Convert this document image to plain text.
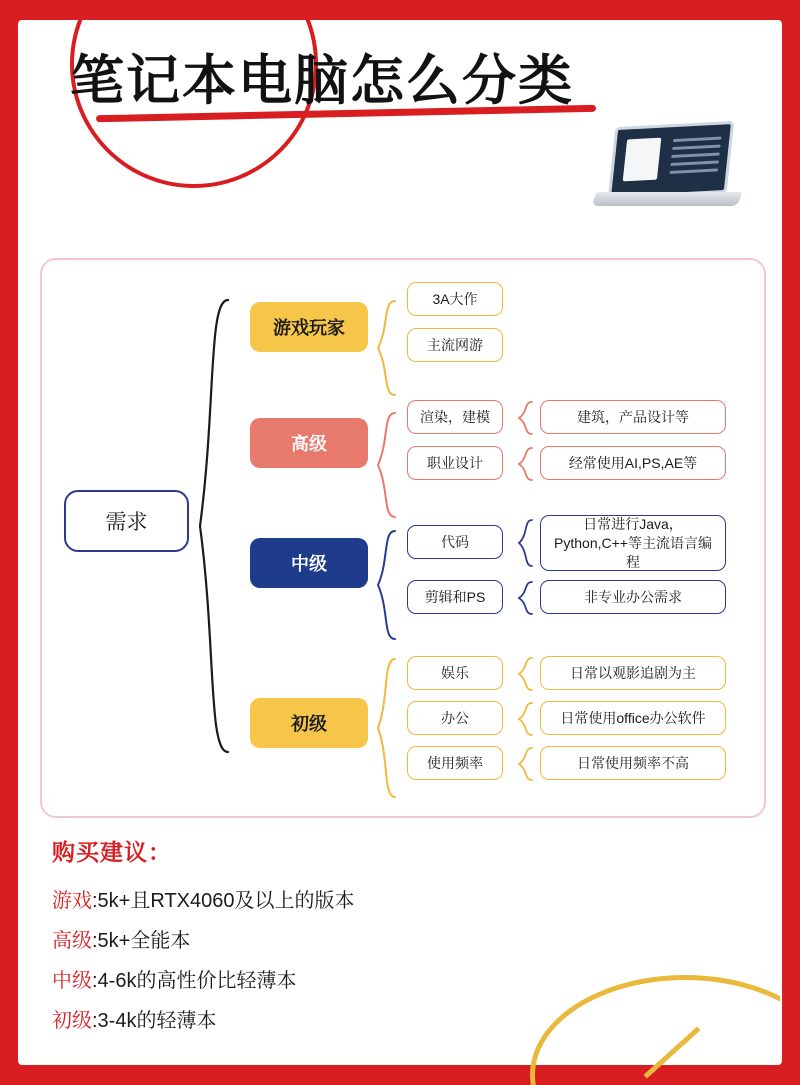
笔记本电脑怎么分类
需求
游戏玩家
3A大作
主流网游
高级
渲染，建模
职业设计
建筑，产品设计等
经常使用AI,PS,AE等
中级
代码
剪辑和PS
日常进行Java，Python,C++等主流语言编程
非专业办公需求
初级
娱乐
办公
使用频率
日常以观影追剧为主
日常使用office办公软件
日常使用频率不高
购买建议：
游戏:5k+且RTX4060及以上的版本
高级:5k+全能本
中级:4-6k的高性价比轻薄本
初级:3-4k的轻薄本
